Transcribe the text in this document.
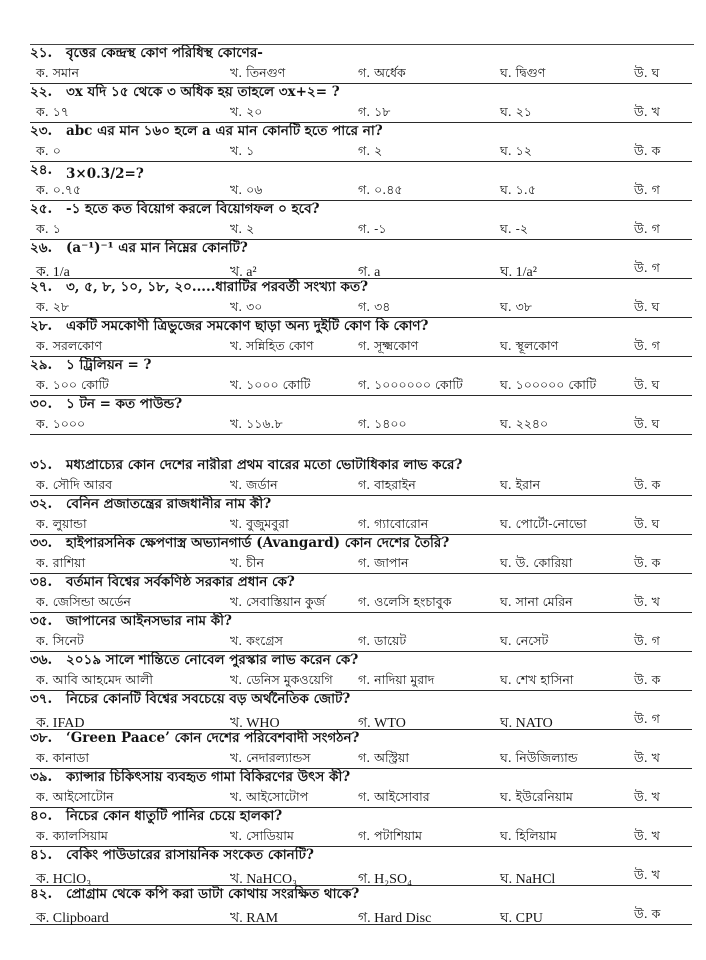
২১.	বৃত্তের কেন্দ্রস্থ কোণ পরিধিস্থ কোণের-
ক. সমান	খ. তিনগুণ	গ. অর্ধেক	ঘ. দ্বিগুণ	উ. ঘ
২২.	৩x যদি ১৫ থেকে ৩ অধিক হয় তাহলে ৩x+২= ?
ক. ১৭	খ. ২০	গ. ১৮	ঘ. ২১	উ. খ
২৩.	abc এর মান ১৬০ হলে a এর মান কোনটি হতে পারে না?
ক. ০	খ. ১	গ. ২	ঘ. ১২	উ. ক
২৪.	3×0.3/2=?
ক. ০.৭৫	খ. ০৬	গ. ০.৪৫	ঘ. ১.৫	উ. গ
২৫.	-১ হতে কত বিয়োগ করলে বিয়োগফল ০ হবে?
ক. ১	খ. ২	গ. -১	ঘ. -২	উ. গ
২৬.	(a⁻¹)⁻¹ এর মান নিম্নের কোনটি?
ক. 1/a	খ. a²	গ. a	ঘ. 1/a²	উ. গ
২৭.	৩, ৫, ৮, ১০, ১৮, ২০.....ধারাটির পরবর্তী সংখ্যা কত?
ক. ২৮	খ. ৩০	গ. ৩৪	ঘ. ৩৮	উ. ঘ
২৮.	একটি সমকোণী ত্রিভুজের সমকোণ ছাড়া অন্য দুইটি কোণ কি কোণ?
ক. সরলকোণ	খ. সন্নিহিত কোণ	গ. সূক্ষ্মকোণ	ঘ. স্থূলকোণ	উ. গ
২৯.	১ ট্রিলিয়ন = ?
ক. ১০০ কোটি	খ. ১০০০ কোটি	গ. ১০০০০০০ কোটি	ঘ. ১০০০০০ কোটি	উ. ঘ
৩০.	১ টন = কত পাউন্ড?
ক. ১০০০	খ. ১১৬.৮	গ. ১৪০০	ঘ. ২২৪০	উ. ঘ
৩১.	মধ্যপ্রাচ্যের কোন দেশের নারীরা প্রথম বারের মতো ভোটাধিকার লাভ করে?
ক. সৌদি আরব	খ. জর্ডান	গ. বাহরাইন	ঘ. ইরান	উ. ক
৩২.	বেনিন প্রজাতন্ত্রের রাজধানীর নাম কী?
ক. লুয়ান্ডা	খ. বুজুমবুরা	গ. গ্যাবোরোন	ঘ. পোর্টো-নোভো	উ. ঘ
৩৩.	হাইপারসনিক ক্ষেপণাস্ত্র অভ্যানগার্ড (Avangard) কোন দেশের তৈরি?
ক. রাশিয়া	খ. চীন	গ. জাপান	ঘ. উ. কোরিয়া	উ. ক
৩৪.	বর্তমান বিশ্বের সর্বকণিষ্ঠ সরকার প্রধান কে?
ক. জেসিন্ডা অর্ডেন	খ. সেবাস্তিয়ান কুর্জ	গ. ওলেসি হংচাবুক	ঘ. সানা মেরিন	উ. খ
৩৫.	জাপানের আইনসভার নাম কী?
ক. সিনেট	খ. কংগ্রেস	গ. ডায়েট	ঘ. নেসেট	উ. গ
৩৬.	২০১৯ সালে শান্তিতে নোবেল পুরস্কার লাভ করেন কে?
ক. আবি আহমেদ আলী	খ. ডেনিস মুকওয়েগি গ. নাদিয়া মুরাদ	ঘ. শেখ হাসিনা	উ. ক
৩৭.	নিচের কোনটি বিশ্বের সবচেয়ে বড় অর্থনৈতিক জোট?
ক. IFAD	খ. WHO	গ. WTO	ঘ. NATO	উ. গ
৩৮.	‘Green Paace’ কোন দেশের পরিবেশবাদী সংগঠন?
ক. কানাডা	খ. নেদারল্যান্ডস	গ. অস্ট্রিয়া	ঘ. নিউজিল্যান্ড	উ. খ
৩৯.	ক্যান্সার চিকিৎসায় ব্যবহৃত গামা বিকিরণের উৎস কী?
ক. আইসোটোন	খ. আইসোটোপ	গ. আইসোবার	ঘ. ইউরেনিয়াম	উ. খ
৪০.	নিচের কোন ধাতুটি পানির চেয়ে হালকা?
ক. ক্যালসিয়াম	খ. সোডিয়াম	গ. পটাশিয়াম	ঘ. হিলিয়াম	উ. খ
৪১.	বেকিং পাউডারের রাসায়নিক সংকেত কোনটি?
ক. HClO₃	খ. NaHCO₃	গ. H₂SO₄	ঘ. NaHCl	উ. খ
৪২.	প্রোগ্রাম থেকে কপি করা ডাটা কোথায় সংরক্ষিত থাকে?
ক. Clipboard	খ. RAM	গ. Hard Disc	ঘ. CPU	উ. ক
